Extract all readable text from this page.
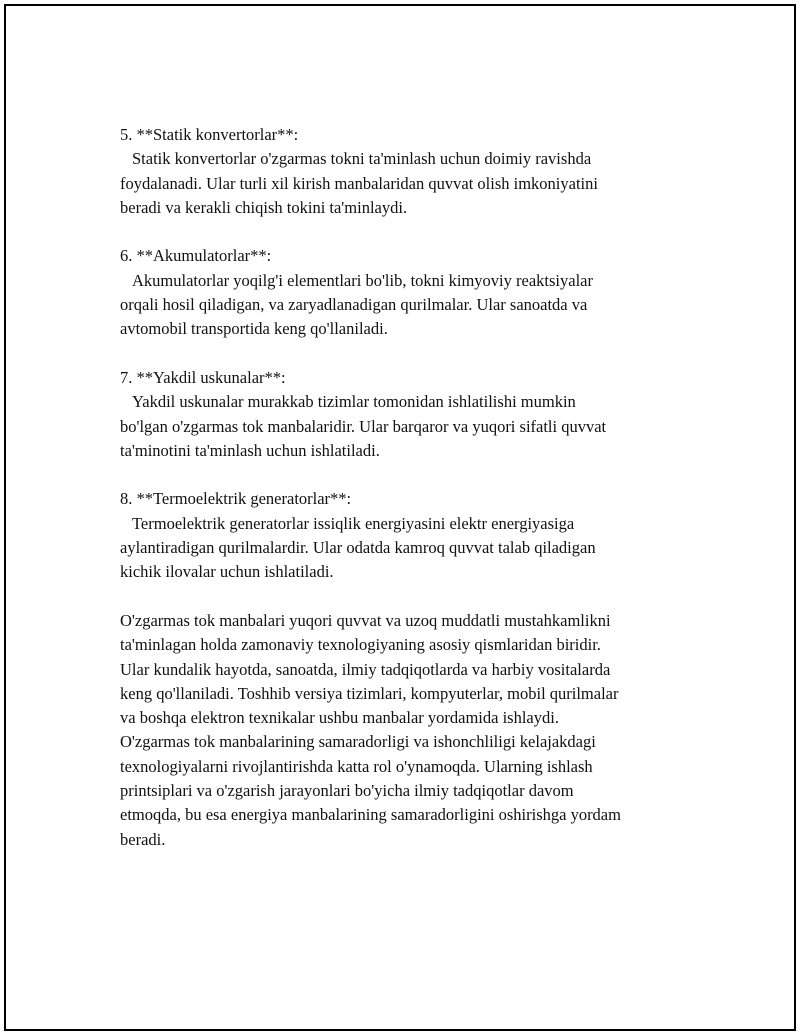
5. **Statik konvertorlar**:
Statik konvertorlar o'zgarmas tokni ta'minlash uchun doimiy ravishda
foydalanadi. Ular turli xil kirish manbalaridan quvvat olish imkoniyatini
beradi va kerakli chiqish tokini ta'minlaydi.
6. **Akumulatorlar**:
Akumulatorlar yoqilg'i elementlari bo'lib, tokni kimyoviy reaktsiyalar
orqali hosil qiladigan, va zaryadlanadigan qurilmalar. Ular sanoatda va
avtomobil transportida keng qo'llaniladi.
7. **Yakdil uskunalar**:
Yakdil uskunalar murakkab tizimlar tomonidan ishlatilishi mumkin
bo'lgan o'zgarmas tok manbalaridir. Ular barqaror va yuqori sifatli quvvat
ta'minotini ta'minlash uchun ishlatiladi.
8. **Termoelektrik generatorlar**:
Termoelektrik generatorlar issiqlik energiyasini elektr energiyasiga
aylantiradigan qurilmalardir. Ular odatda kamroq quvvat talab qiladigan
kichik ilovalar uchun ishlatiladi.
O'zgarmas tok manbalari yuqori quvvat va uzoq muddatli mustahkamlikni
ta'minlagan holda zamonaviy texnologiyaning asosiy qismlaridan biridir.
Ular kundalik hayotda, sanoatda, ilmiy tadqiqotlarda va harbiy vositalarda
keng qo'llaniladi. Toshhib versiya tizimlari, kompyuterlar, mobil qurilmalar
va boshqa elektron texnikalar ushbu manbalar yordamida ishlaydi.
O'zgarmas tok manbalarining samaradorligi va ishonchliligi kelajakdagi
texnologiyalarni rivojlantirishda katta rol o'ynamoqda. Ularning ishlash
printsiplari va o'zgarish jarayonlari bo'yicha ilmiy tadqiqotlar davom
etmoqda, bu esa energiya manbalarining samaradorligini oshirishga yordam
beradi.
